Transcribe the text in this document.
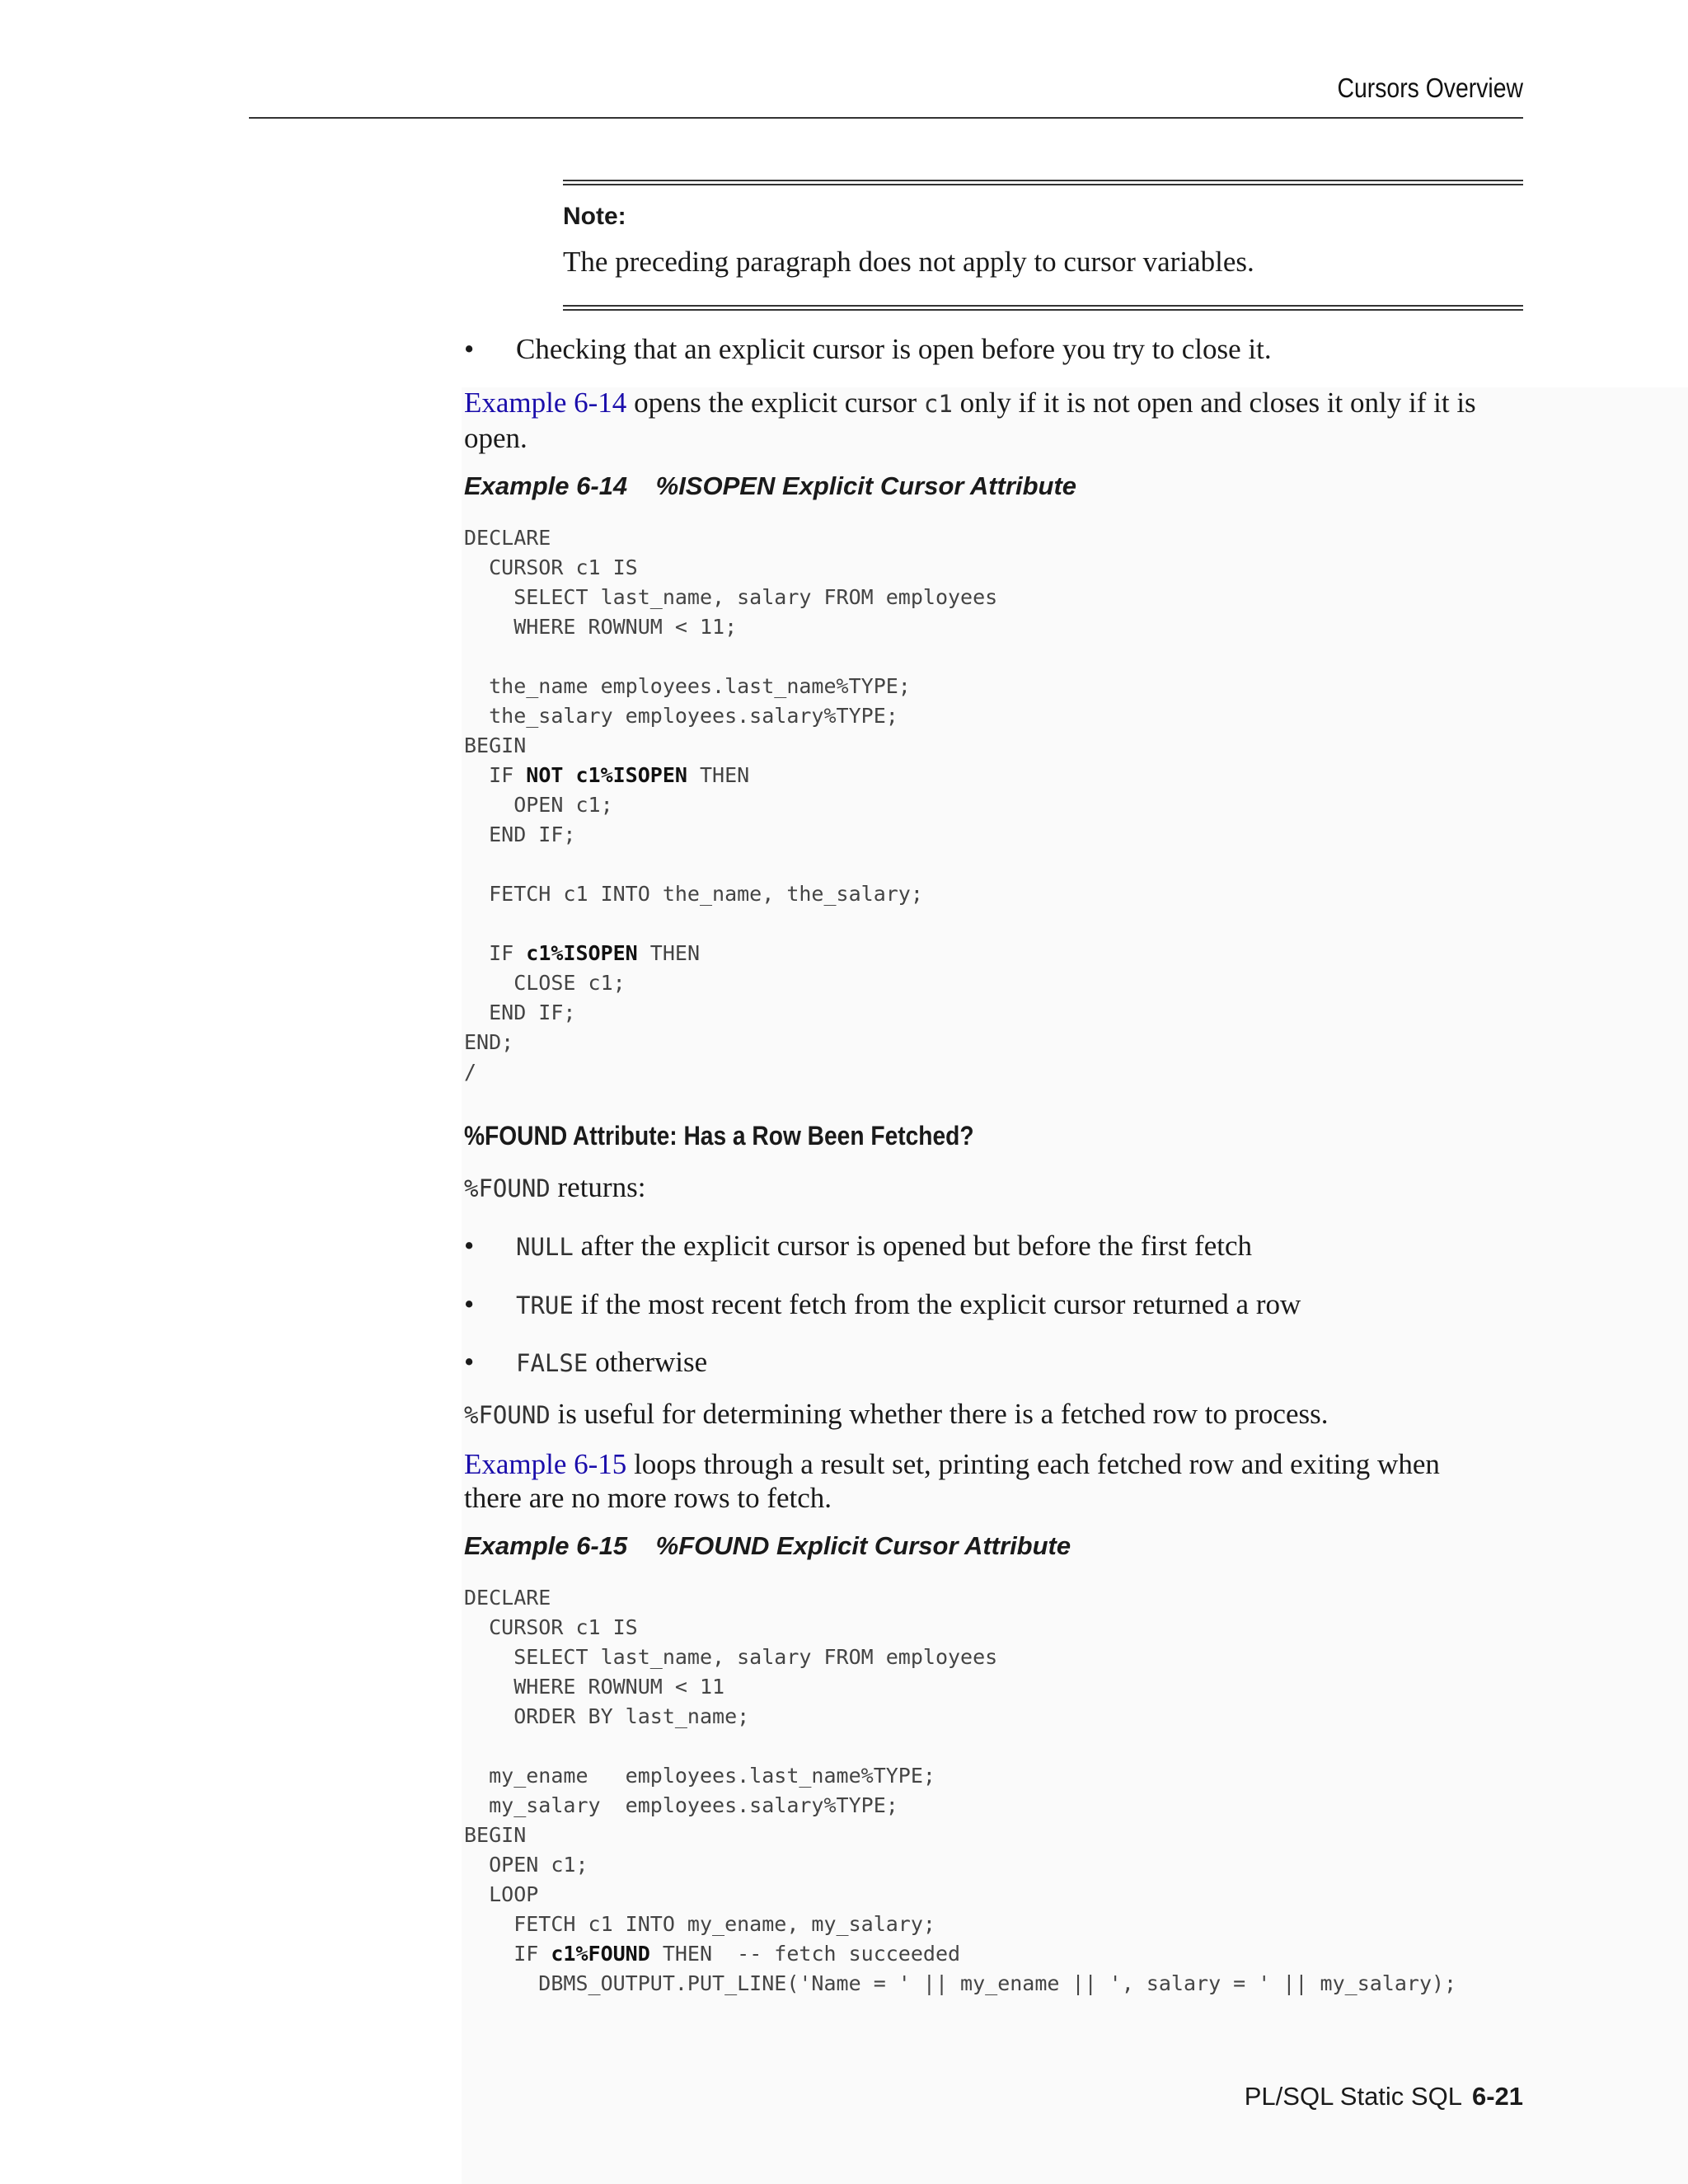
Cursors Overview
Note:
The preceding paragraph does not apply to cursor variables.
• Checking that an explicit cursor is open before you try to close it.
Example 6-14 opens the explicit cursor c1 only if it is not open and closes it only if it is
open.
Example 6-14 %ISOPEN Explicit Cursor Attribute
DECLARE
CURSOR c1 IS
SELECT last_name, salary FROM employees
WHERE ROWNUM < 11;
the_name employees.last_name%TYPE;
the_salary employees.salary%TYPE;
BEGIN
IF NOT c1%ISOPEN THEN
OPEN c1;
END IF;
FETCH c1 INTO the_name, the_salary;
IF c1%ISOPEN THEN
CLOSE c1;
END IF;
END;
/
%FOUND Attribute: Has a Row Been Fetched?
%FOUND returns:
• NULL after the explicit cursor is opened but before the first fetch
• TRUE if the most recent fetch from the explicit cursor returned a row
• FALSE otherwise
%FOUND is useful for determining whether there is a fetched row to process.
Example 6-15 loops through a result set, printing each fetched row and exiting when
there are no more rows to fetch.
Example 6-15 %FOUND Explicit Cursor Attribute
DECLARE
CURSOR c1 IS
SELECT last_name, salary FROM employees
WHERE ROWNUM < 11
ORDER BY last_name;
my_ename   employees.last_name%TYPE;
my_salary  employees.salary%TYPE;
BEGIN
OPEN c1;
LOOP
FETCH c1 INTO my_ename, my_salary;
IF c1%FOUND THEN  -- fetch succeeded
DBMS_OUTPUT.PUT_LINE('Name = ' || my_ename || ', salary = ' || my_salary);
PL/SQL Static SQL 6-21
